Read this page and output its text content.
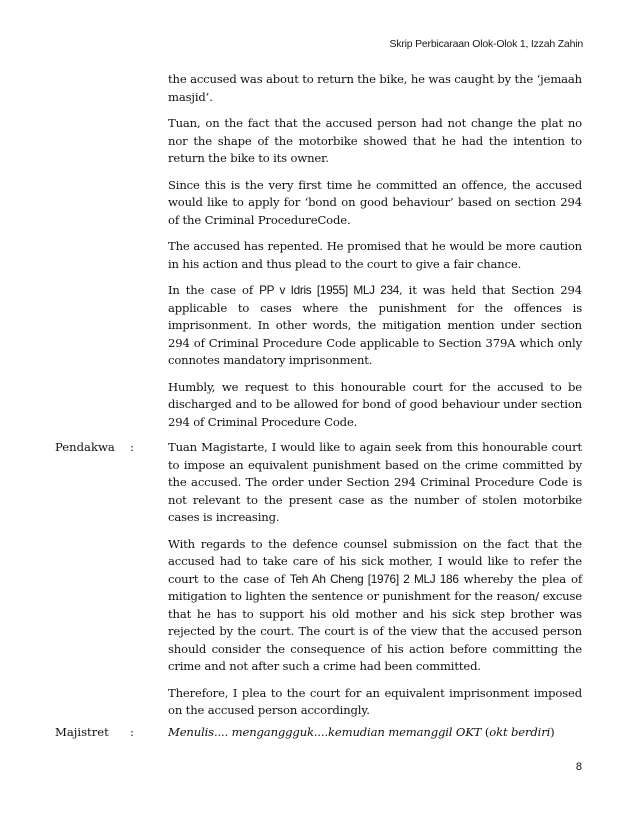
Skrip Perbicaraan Olok-Olok 1, Izzah Zahin

the accused was about to return the bike, he was caught by the ‘jemaah masjid’.

Tuan, on the fact that the accused person had not change the plat no nor the shape of the motorbike showed that he had the intention to return the bike to its owner.

Since this is the very first time he committed an offence, the accused would like to apply for ‘bond on good behaviour’ based on section 294 of the Criminal ProcedureCode.

The accused has repented. He promised that he would be more caution in his action and thus plead to the court to give a fair chance.

In the case of PP v Idris [1955] MLJ 234, it was held that Section 294 applicable to cases where the punishment for the offences is imprisonment. In other words, the mitigation mention under section 294 of Criminal Procedure Code applicable to Section 379A which only connotes mandatory imprisonment.

Humbly, we request to this honourable court for the accused to be discharged and to be allowed for bond of good behaviour under section 294 of Criminal Procedure Code.

Pendakwa :	Tuan Magistarte, I would like to again seek from this honourable court to impose an equivalent punishment based on the crime committed by the accused. The order under Section 294 Criminal Procedure Code is not relevant to the present case as the number of stolen motorbike cases is increasing.

With regards to the defence counsel submission on the fact that the accused had to take care of his sick mother, I would like to refer the court to the case of Teh Ah Cheng [1976] 2 MLJ 186 whereby the plea of mitigation to lighten the sentence or punishment for the reason/ excuse that he has to support his old mother and his sick step brother was rejected by the court. The court is of the view that the accused person should consider the consequence of his action before committing the crime and not after such a crime had been committed.

Therefore, I plea to the court for an equivalent imprisonment imposed on the accused person accordingly.

Majistret :	Menulis.... menganggguk....kemudian memanggil OKT (okt berdiri)
8
